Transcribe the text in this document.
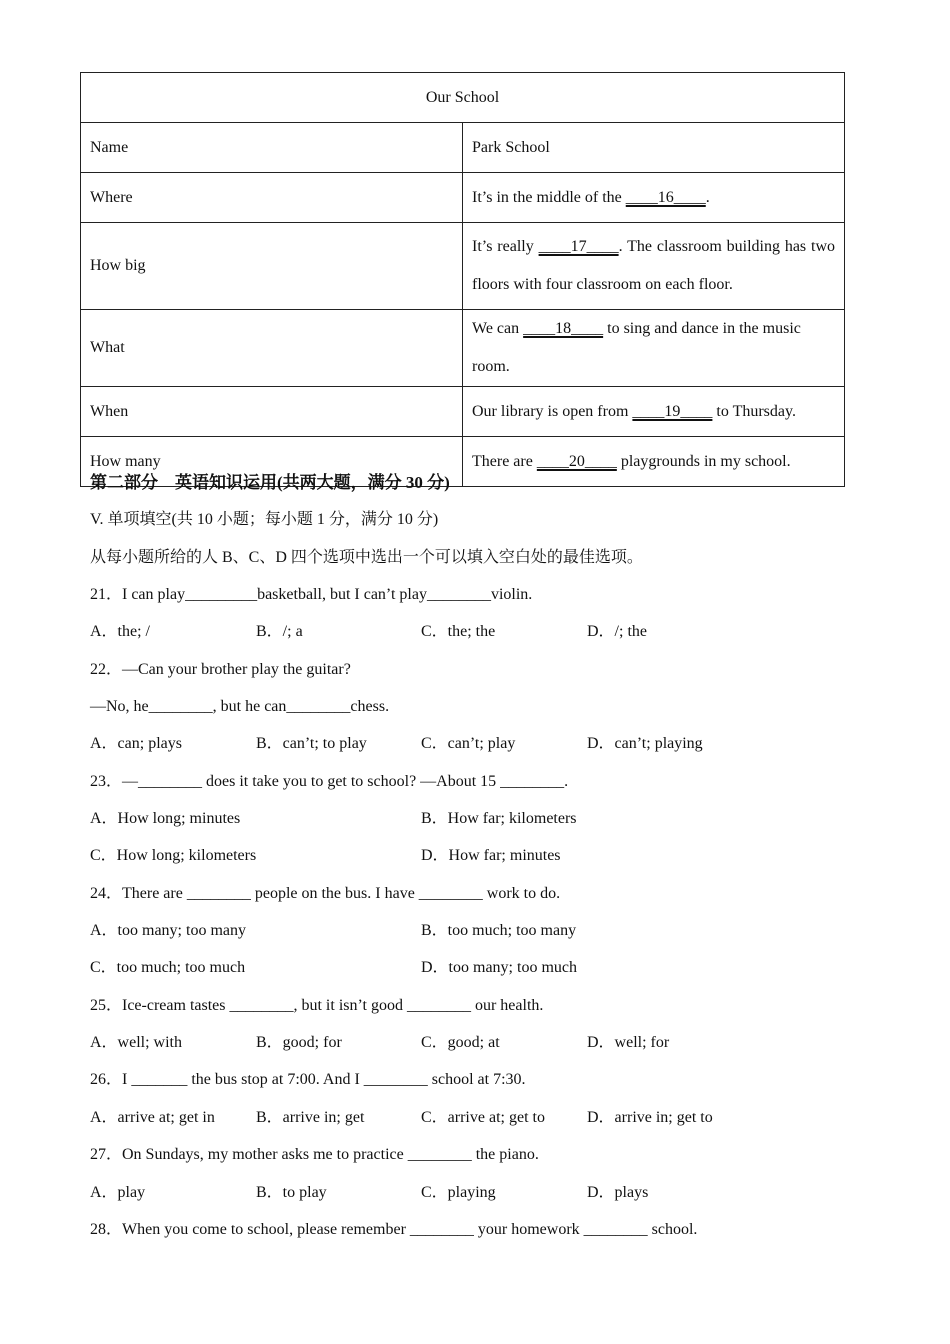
Our School	
Name	Park School
Where	It’s in the middle of the ____16____.
How big	It’s really ____17____. The classroom building has two floors with four classroom on each floor.
What	We can ____18____ to sing and dance in the music room.
When	Our library is open from ____19____ to Thursday.
How many	There are ____20____ playgrounds in my school.
第二部分    英语知识运用(共两大题，满分 30 分)
V. 单项填空(共 10 小题；每小题 1 分，满分 10 分)
从每小题所给的人 B、C、D 四个选项中选出一个可以填入空白处的最佳选项。
21．I can play_________basketball, but I can’t play________violin.
A．the; /	B．/; a	C．the; the	D．/; the
22．—Can your brother play the guitar?
—No, he________, but he can________chess.
A．can; plays	B．can’t; to play	C．can’t; play	D．can’t; playing
23．—________ does it take you to get to school? —About 15 ________.
A．How long; minutes	B．How far; kilometers
C．How long; kilometers	D．How far; minutes
24．There are ________ people on the bus. I have ________ work to do.
A．too many; too many	B．too much; too many
C．too much; too much	D．too many; too much
25．Ice-cream tastes ________, but it isn’t good ________ our health.
A．well; with	B．good; for	C．good; at	D．well; for
26．I _______ the bus stop at 7:00. And I ________ school at 7:30.
A．arrive at; get in	B．arrive in; get	C．arrive at; get to	D．arrive in; get to
27．On Sundays, my mother asks me to practice ________ the piano.
A．play	B．to play	C．playing	D．plays
28．When you come to school, please remember ________ your homework ________ school.
